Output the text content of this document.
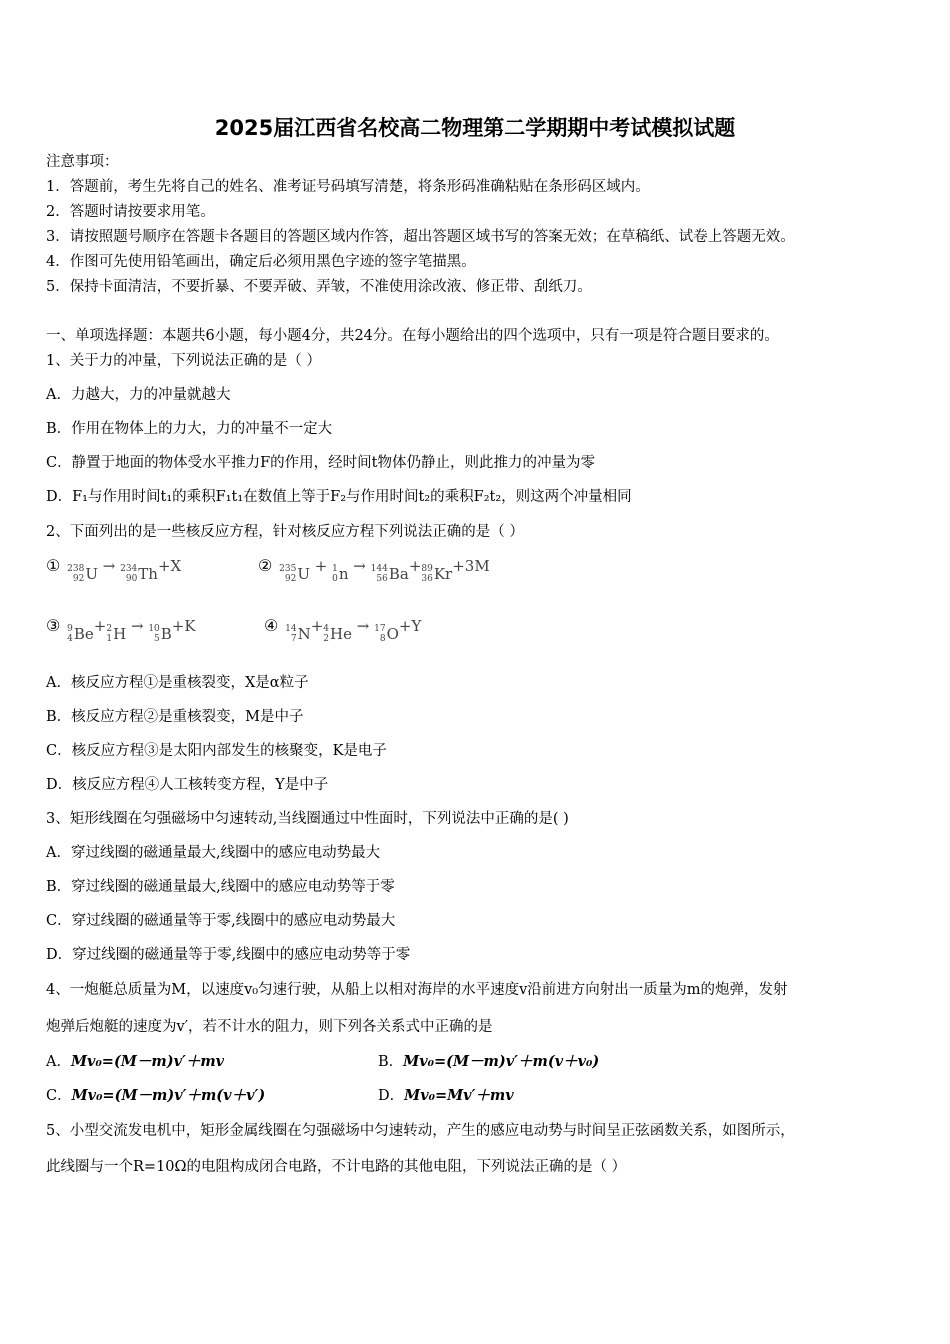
2025届江西省名校高二物理第二学期期中考试模拟试题
注意事项：
1．答题前，考生先将自己的姓名、准考证号码填写清楚，将条形码准确粘贴在条形码区域内。
2．答题时请按要求用笔。
3．请按照题号顺序在答题卡各题目的答题区域内作答，超出答题区域书写的答案无效；在草稿纸、试卷上答题无效。
4．作图可先使用铅笔画出，确定后必须用黑色字迹的签字笔描黑。
5．保持卡面清洁，不要折暴、不要弄破、弄皱，不准使用涂改液、修正带、刮纸刀。
一、单项选择题：本题共6小题，每小题4分，共24分。在每小题给出的四个选项中，只有一项是符合题目要求的。
1、关于力的冲量，下列说法正确的是（ ）
A．力越大，力的冲量就越大
B．作用在物体上的力大，力的冲量不一定大
C．静置于地面的物体受水平推力F的作用，经时间t物体仍静止，则此推力的冲量为零
D．F₁与作用时间t₁的乘积F₁t₁在数值上等于F₂与作用时间t₂的乘积F₂t₂，则这两个冲量相同
2、下面列出的是一些核反应方程，针对核反应方程下列说法正确的是（ ）
① 238
92 U → 234
90 Th +X	② 235
92 U + 1
0 n → 144
56 Ba + 89
36 Kr +3M
③ 9
4 Be + 2
1 H → 10
5 B +K	④ 14
7 N + 4
2 He → 17
8 O +Y
A．核反应方程①是重核裂变，X是α粒子
B．核反应方程②是重核裂变，M是中子
C．核反应方程③是太阳内部发生的核聚变，K是电子
D．核反应方程④人工核转变方程，Y是中子
3、矩形线圈在匀强磁场中匀速转动,当线圈通过中性面时，下列说法中正确的是( )
A．穿过线圈的磁通量最大,线圈中的感应电动势最大
B．穿过线圈的磁通量最大,线圈中的感应电动势等于零
C．穿过线圈的磁通量等于零,线圈中的感应电动势最大
D．穿过线圈的磁通量等于零,线圈中的感应电动势等于零
4、一炮艇总质量为M，以速度v₀匀速行驶，从船上以相对海岸的水平速度v沿前进方向射出一质量为m的炮弹，发射
炮弹后炮艇的速度为v′，若不计水的阻力，则下列各关系式中正确的是
A．Mv₀=(M－m)v′＋mv	B．Mv₀=(M－m)v′＋m(v＋v₀)
C．Mv₀=(M－m)v′＋m(v＋v′)	D．Mv₀=Mv′＋mv
5、小型交流发电机中，矩形金属线圈在匀强磁场中匀速转动，产生的感应电动势与时间呈正弦函数关系，如图所示，
此线圈与一个R=10Ω的电阻构成闭合电路，不计电路的其他电阻，下列说法正确的是（ ）
